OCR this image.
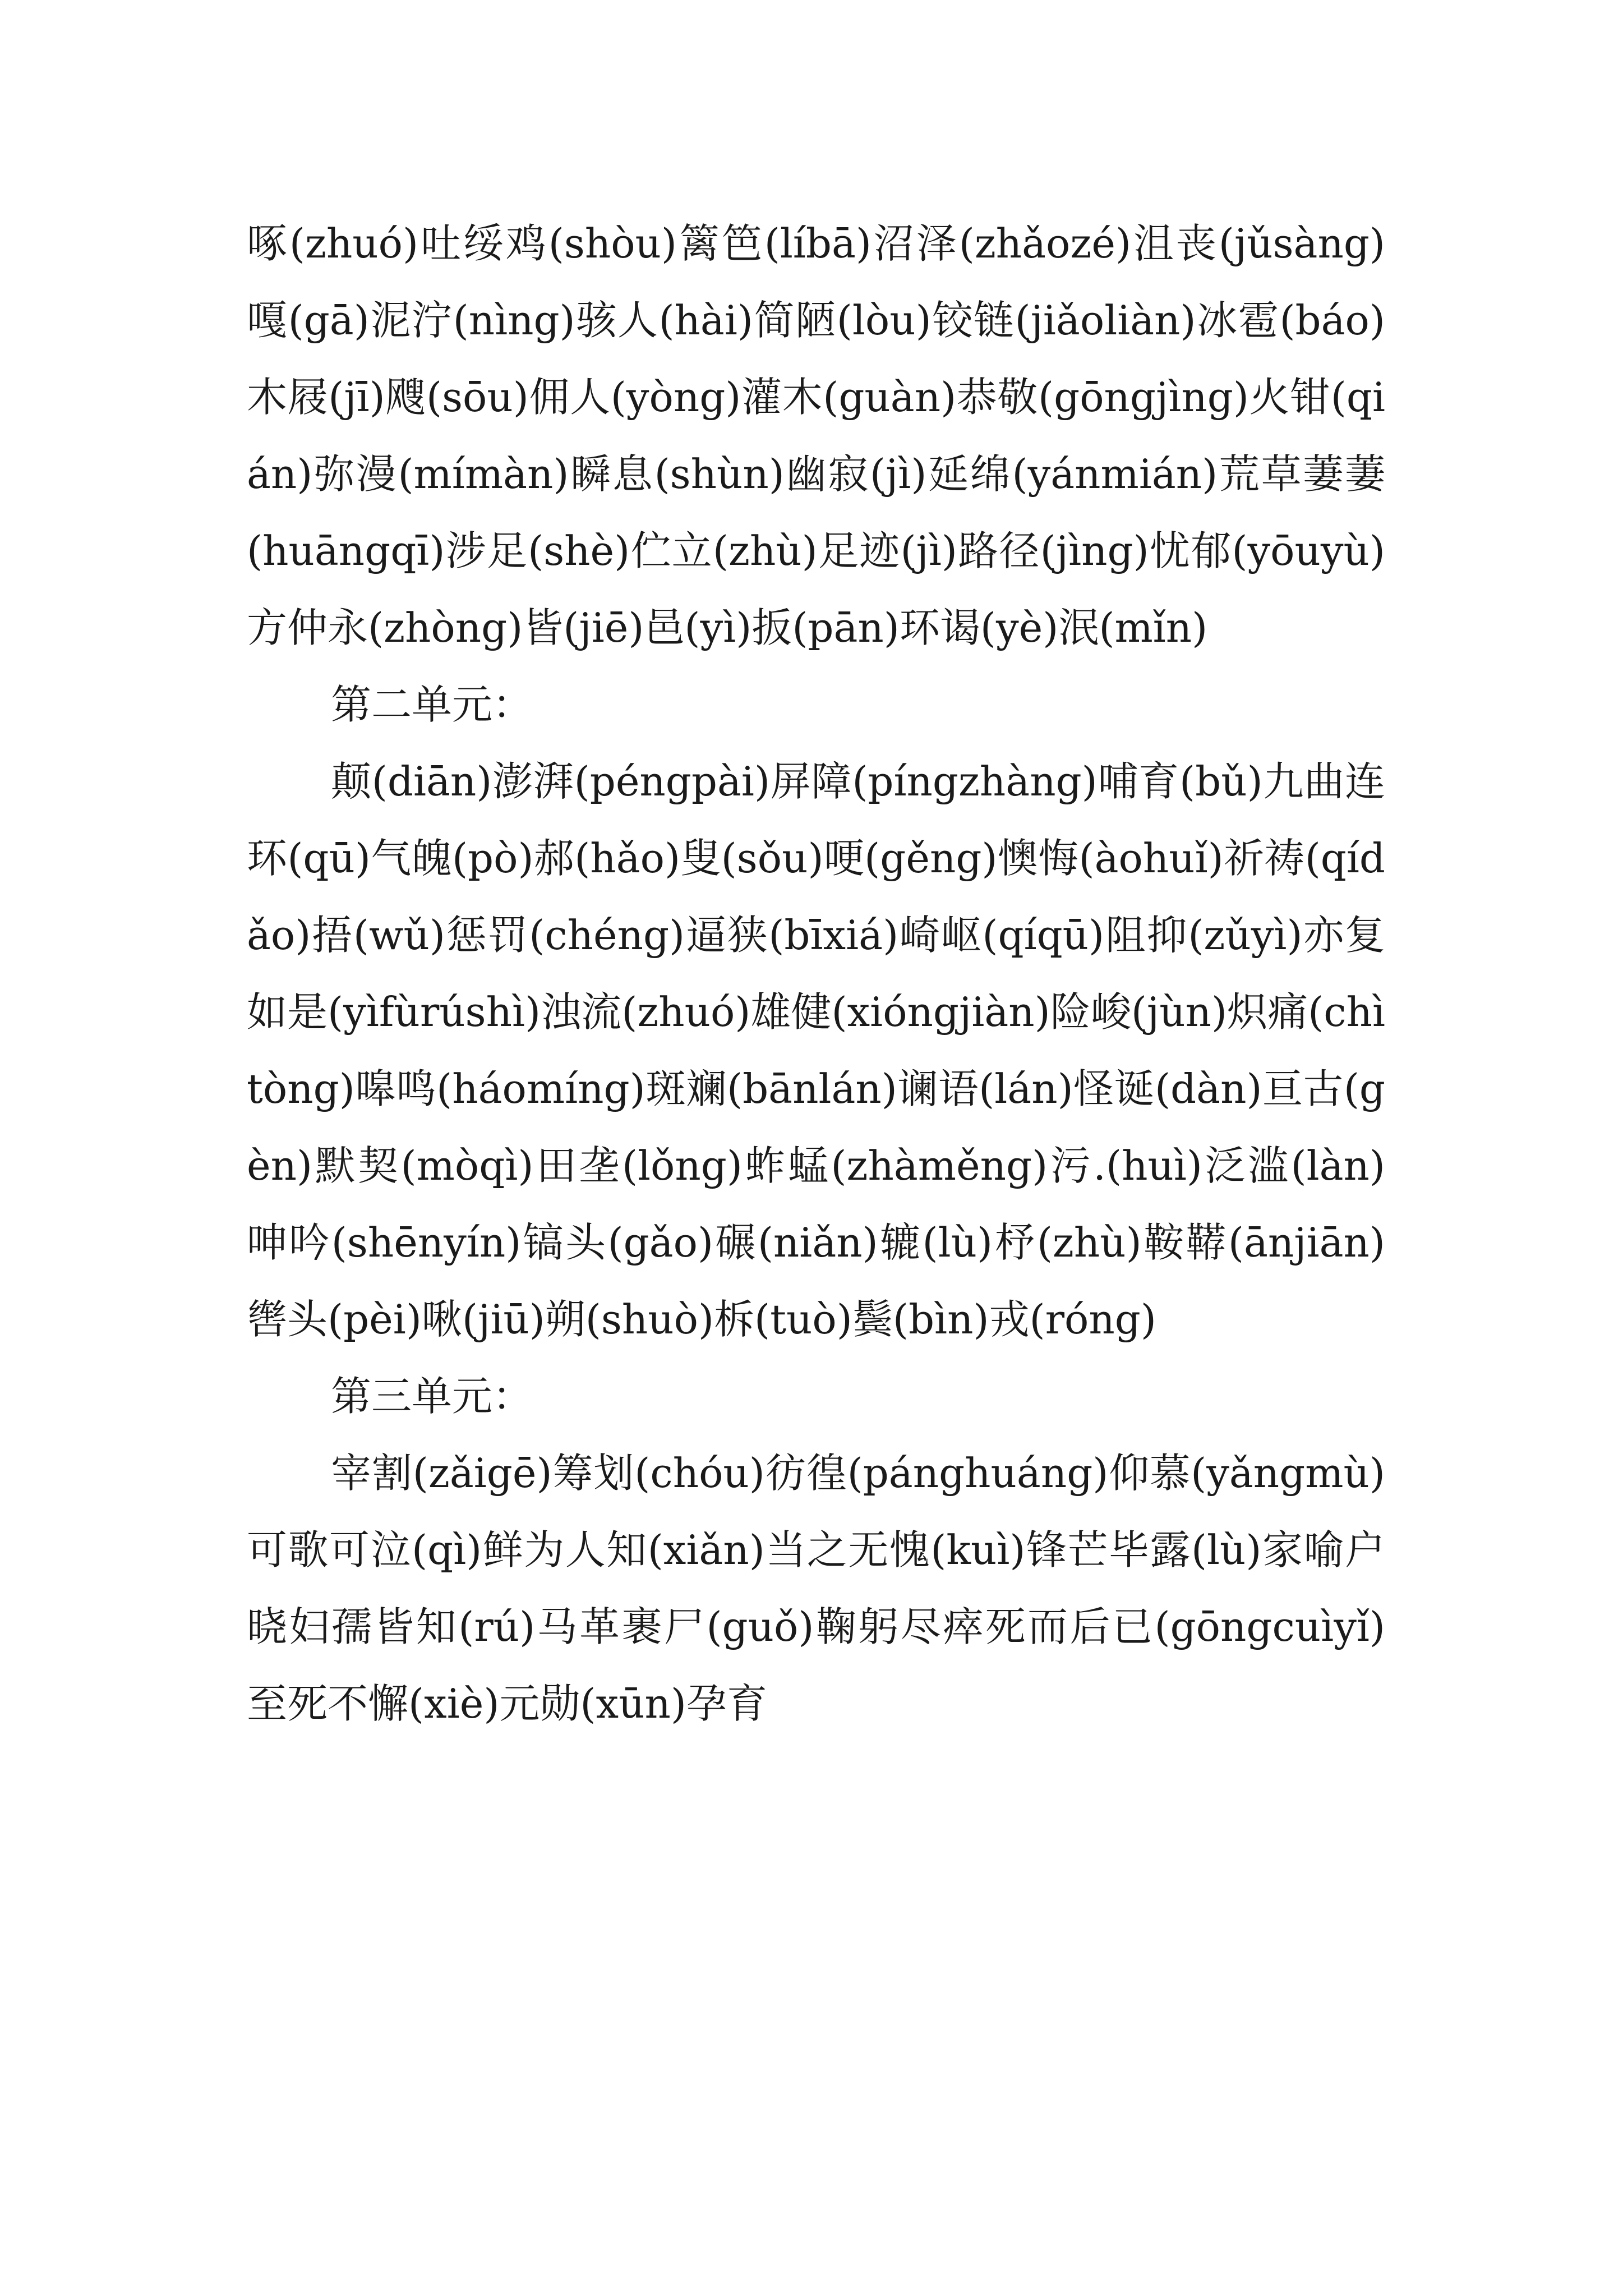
啄(zhuó)吐绥鸡(shòu)篱笆(líbā)沼泽(zhǎozé)沮丧(jǔsàng)嘎(gā)泥泞(nìng)骇人(hài)简陋(lòu)铰链(jiǎoliàn)冰雹(báo)木屐(jī)飕(sōu)佣人(yòng)灌木(guàn)恭敬(gōngjìng)火钳(qián)弥漫(mímàn)瞬息(shùn)幽寂(jì)延绵(yánmián)荒草萋萋(huāngqī)涉足(shè)伫立(zhù)足迹(jì)路径(jìng)忧郁(yōuyù)方仲永(zhòng)皆(jiē)邑(yì)扳(pān)环谒(yè)泯(mǐn)

第二单元：

颠(diān)澎湃(péngpài)屏障(píngzhàng)哺育(bǔ)九曲连环(qū)气魄(pò)郝(hǎo)叟(sǒu)哽(gěng)懊悔(àohuǐ)祈祷(qídǎo)捂(wǔ)惩罚(chéng)逼狭(bīxiá)崎岖(qíqū)阻抑(zǔyì)亦复如是(yìfùrúshì)浊流(zhuó)雄健(xióngjiàn)险峻(jùn)炽痛(chìtòng)嗥鸣(háomíng)斑斓(bānlán)谰语(lán)怪诞(dàn)亘古(gèn)默契(mòqì)田垄(lǒng)蚱蜢(zhàměng)污.(huì)泛滥(làn)呻吟(shēnyín)镐头(gǎo)碾(niǎn)辘(lù)杼(zhù)鞍鞯(ānjiān)辔头(pèi)啾(jiū)朔(shuò)柝(tuò)鬓(bìn)戎(róng)

第三单元：

宰割(zǎigē)筹划(chóu)彷徨(pánghuáng)仰慕(yǎngmù)可歌可泣(qì)鲜为人知(xiǎn)当之无愧(kuì)锋芒毕露(lù)家喻户晓妇孺皆知(rú)马革裹尸(guǒ)鞠躬尽瘁死而后已(gōngcuìyǐ)至死不懈(xiè)元勋(xūn)孕育
